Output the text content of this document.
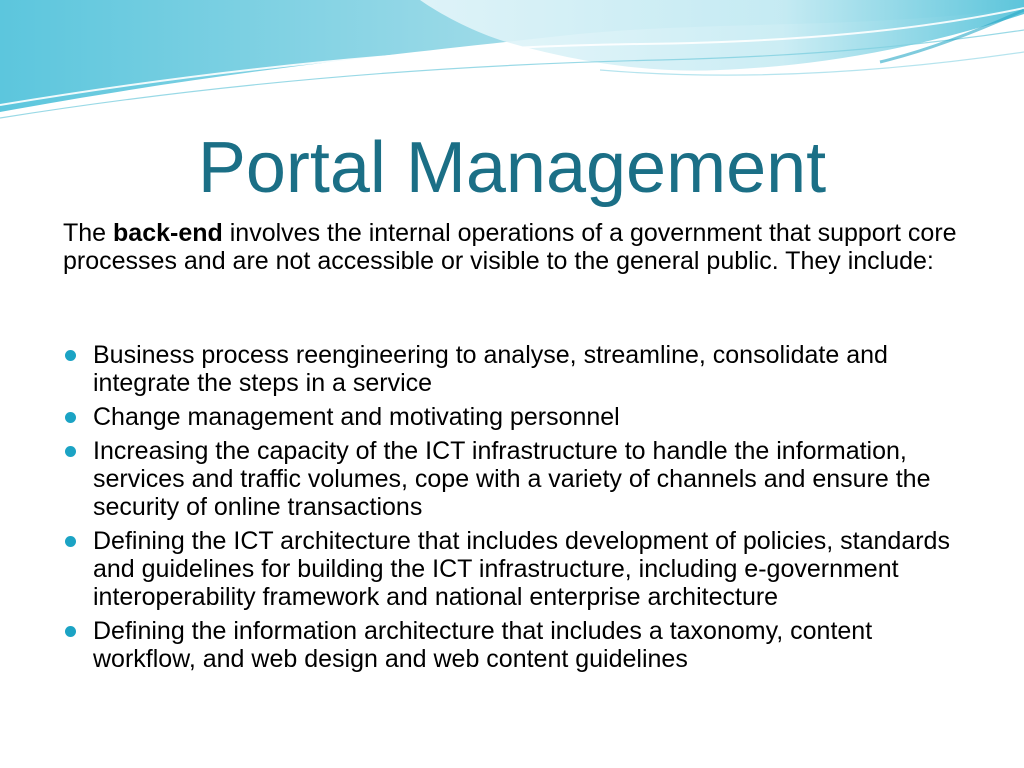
Portal Management

The back-end involves the internal operations of a government that support core processes and are not accessible or visible to the general public. They include:

Business process reengineering to analyse, streamline, consolidate and integrate the steps in a service
Change management and motivating personnel
Increasing the capacity of the ICT infrastructure to handle the information, services and traffic volumes, cope with a variety of channels and ensure the security of online transactions
Defining the ICT architecture that includes development of policies, standards and guidelines for building the ICT infrastructure, including e-government interoperability framework and national enterprise architecture
Defining the information architecture that includes a taxonomy, content workflow, and web design and web content guidelines
